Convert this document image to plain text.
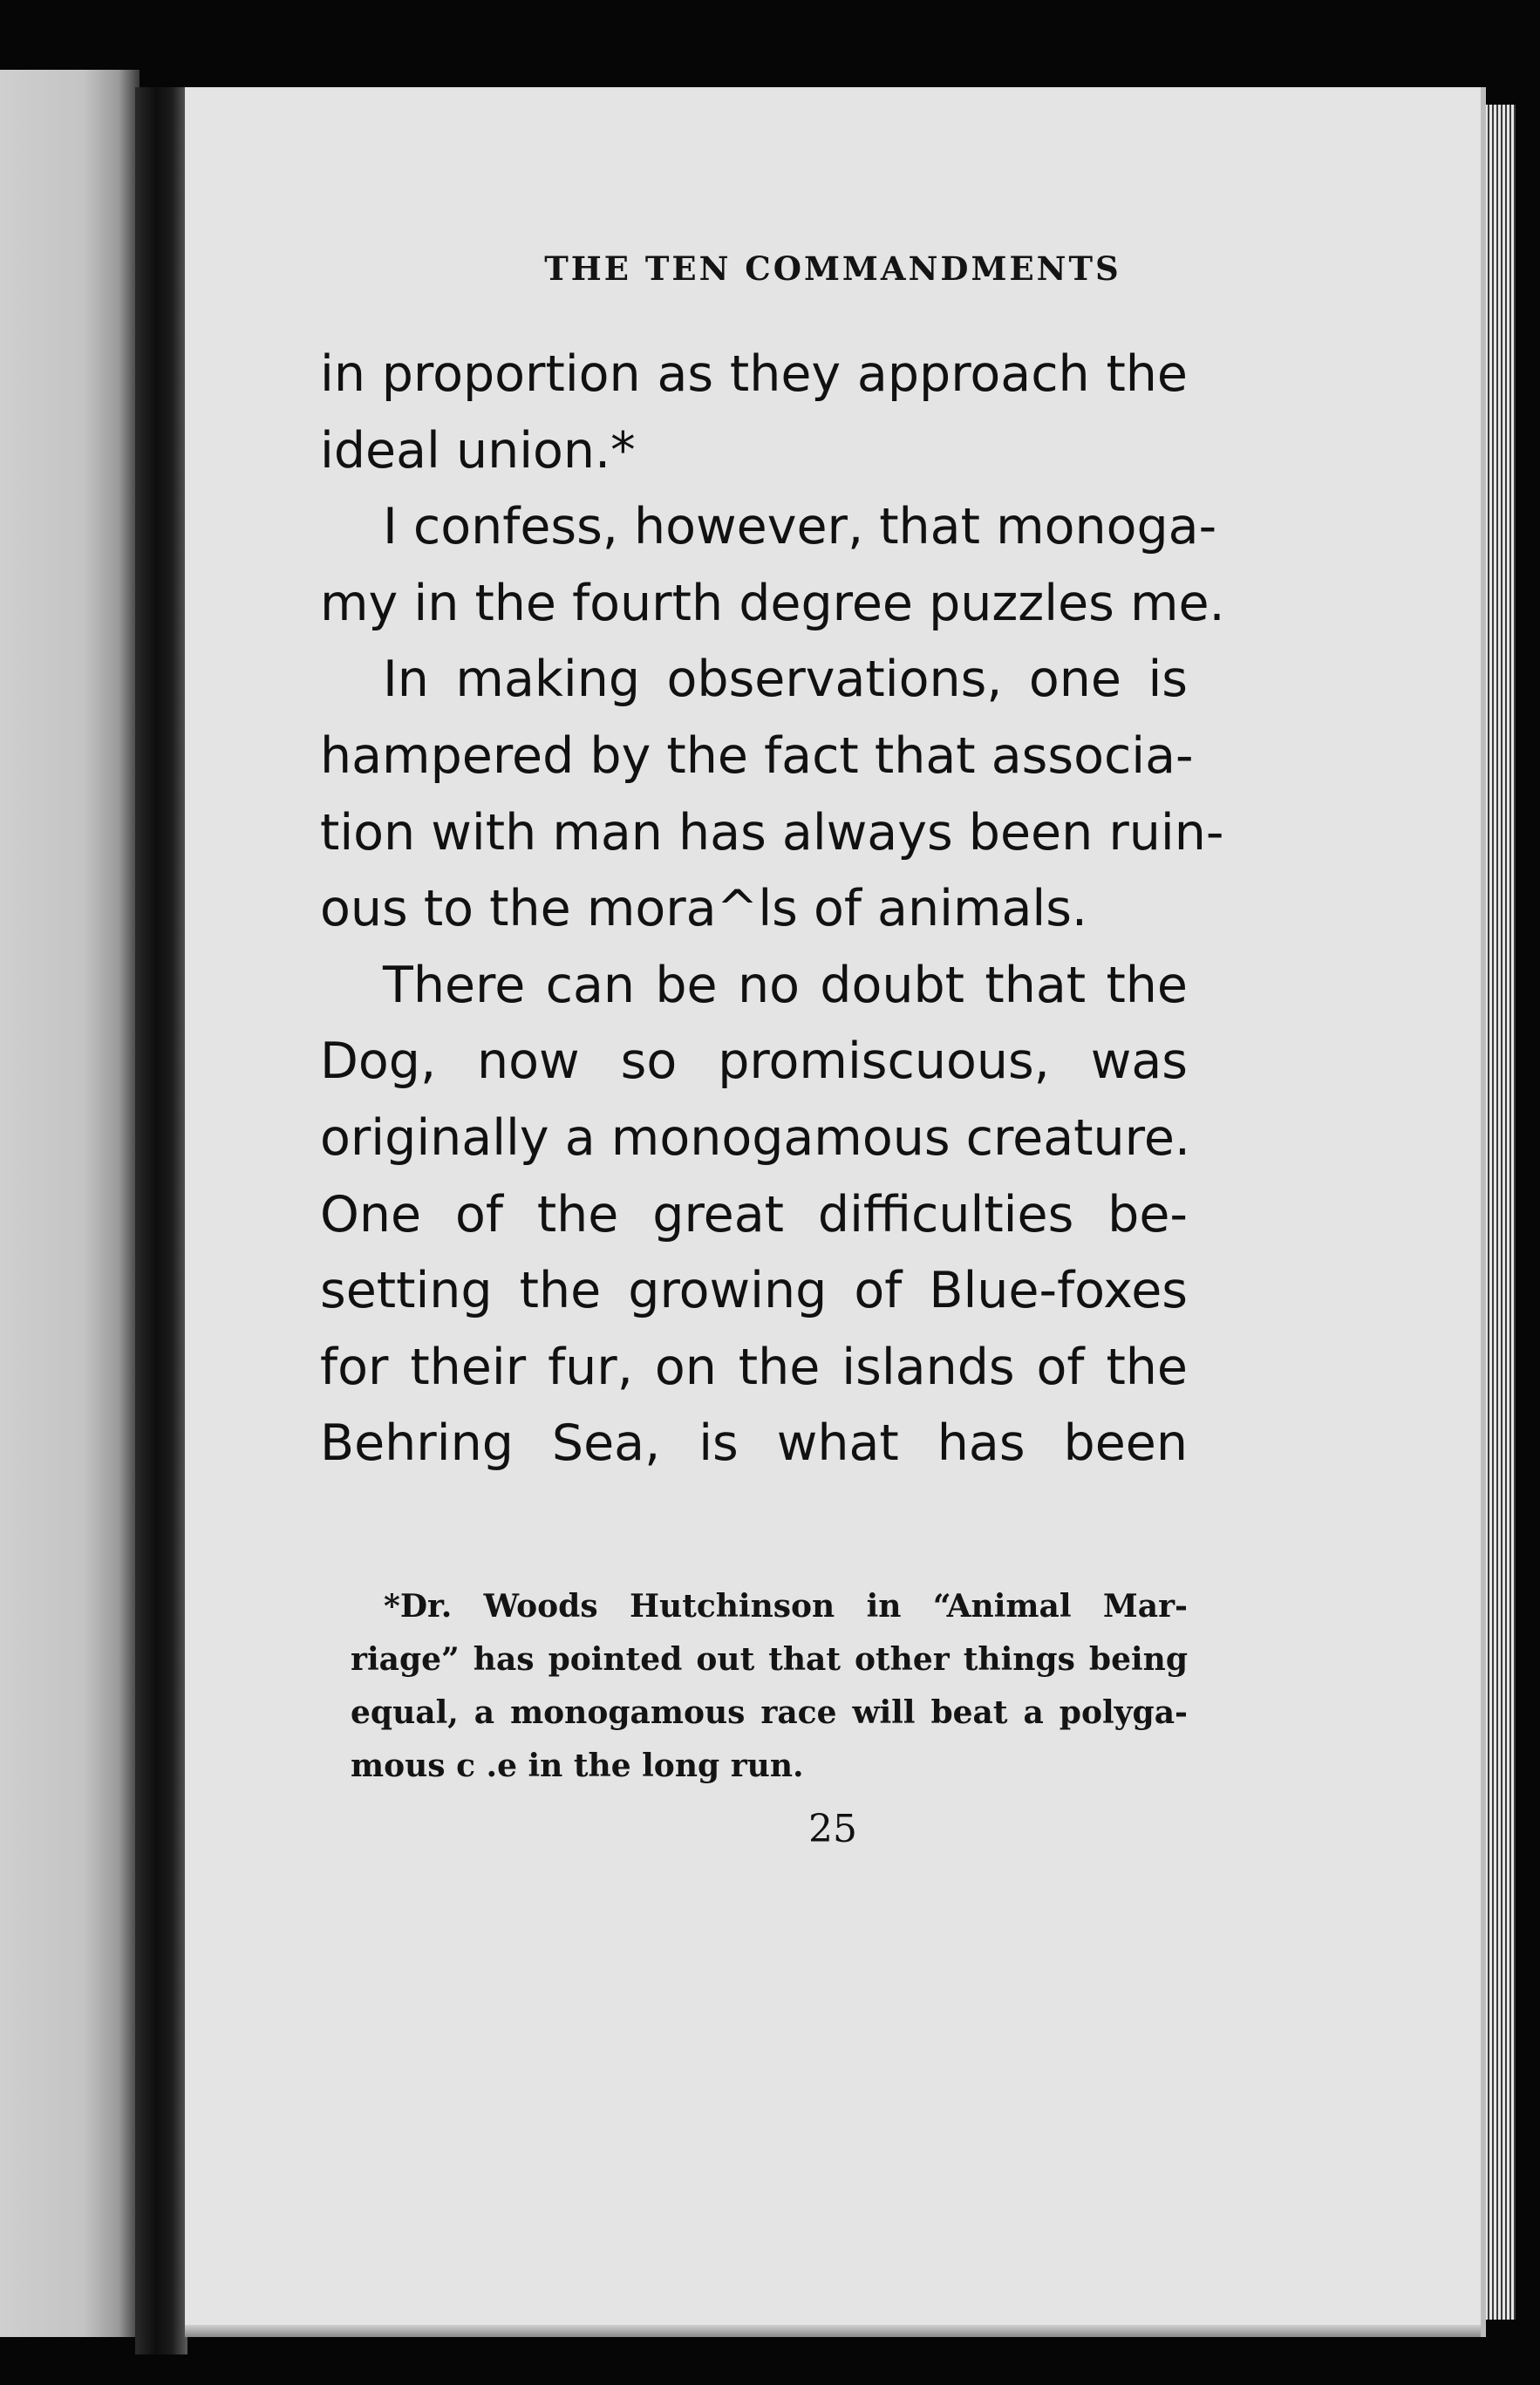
THE TEN COMMANDMENTS
in proportion as they approach the
ideal union.*
I confess, however, that monoga-
my in the fourth degree puzzles me.
In making observations, one is
hampered by the fact that associa-
tion with man has always been ruin-
ous to the mora^ls of animals.
There can be no doubt that the
Dog, now so promiscuous, was
originally a monogamous creature.
One of the great difficulties be-
setting the growing of Blue-foxes
for their fur, on the islands of the
Behring Sea, is what has been
*Dr. Woods Hutchinson in “Animal Mar-
riage” has pointed out that other things being
equal, a monogamous race will beat a polyga-
mous c .e in the long run.
25
